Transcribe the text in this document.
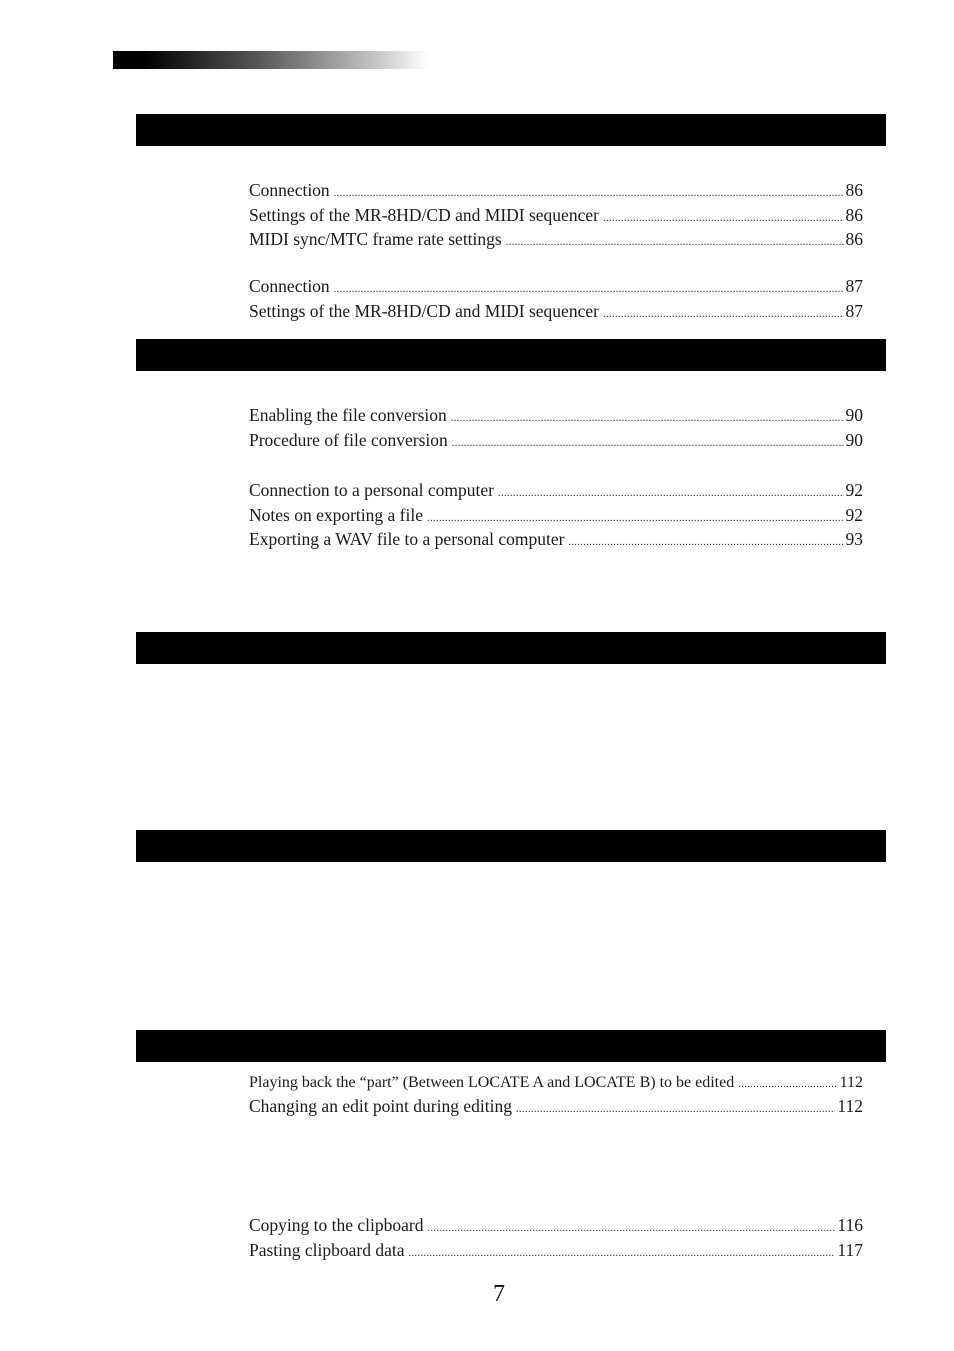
Connection .....	86
Settings of the MR-8HD/CD and MIDI sequencer .....	86
MIDI sync/MTC frame rate settings .....	86
Connection .....	87
Settings of the MR-8HD/CD and MIDI sequencer .....	87
Enabling the file conversion .....	90
Procedure of file conversion .....	90
Connection to a personal computer .....	92
Notes on exporting a file .....	92
Exporting a WAV file to a personal computer .....	93
Playing back the “part” (Between LOCATE A and LOCATE B) to be edited .....	112
Changing an edit point during editing .....	112
Copying to the clipboard .....	116
Pasting clipboard data .....	117
7
